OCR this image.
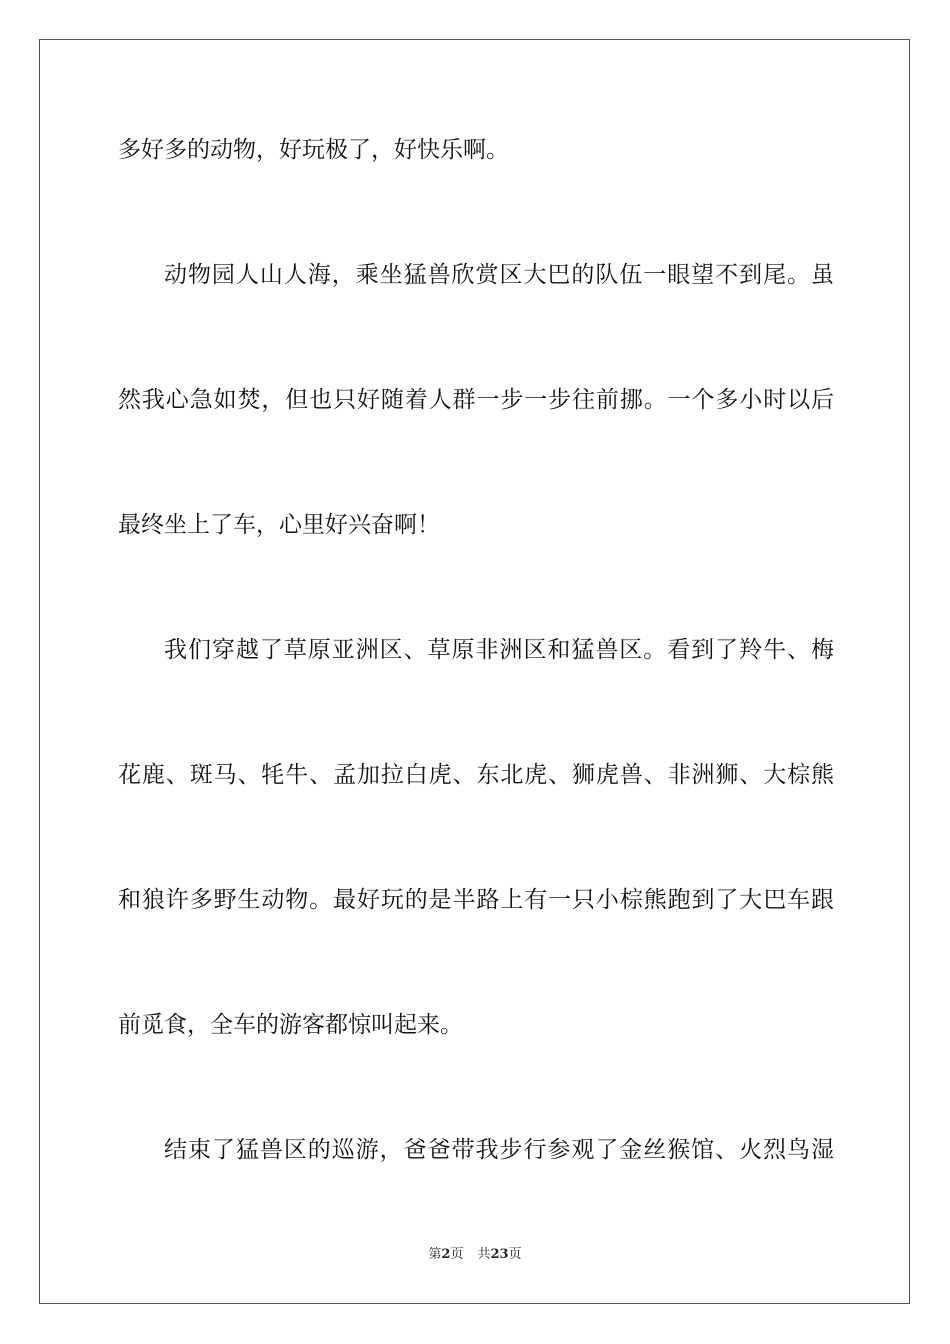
多好多的动物，好玩极了，好快乐啊。
动物园人山人海，乘坐猛兽欣赏区大巴的队伍一眼望不到尾。虽
然我心急如焚，但也只好随着人群一步一步往前挪。一个多小时以后
最终坐上了车，心里好兴奋啊！
我们穿越了草原亚洲区、草原非洲区和猛兽区。看到了羚牛、梅
花鹿、斑马、牦牛、孟加拉白虎、东北虎、狮虎兽、非洲狮、大棕熊
和狼许多野生动物。最好玩的是半路上有一只小棕熊跑到了大巴车跟
前觅食，全车的游客都惊叫起来。
结束了猛兽区的巡游，爸爸带我步行参观了金丝猴馆、火烈鸟湿
第2页 共23页
